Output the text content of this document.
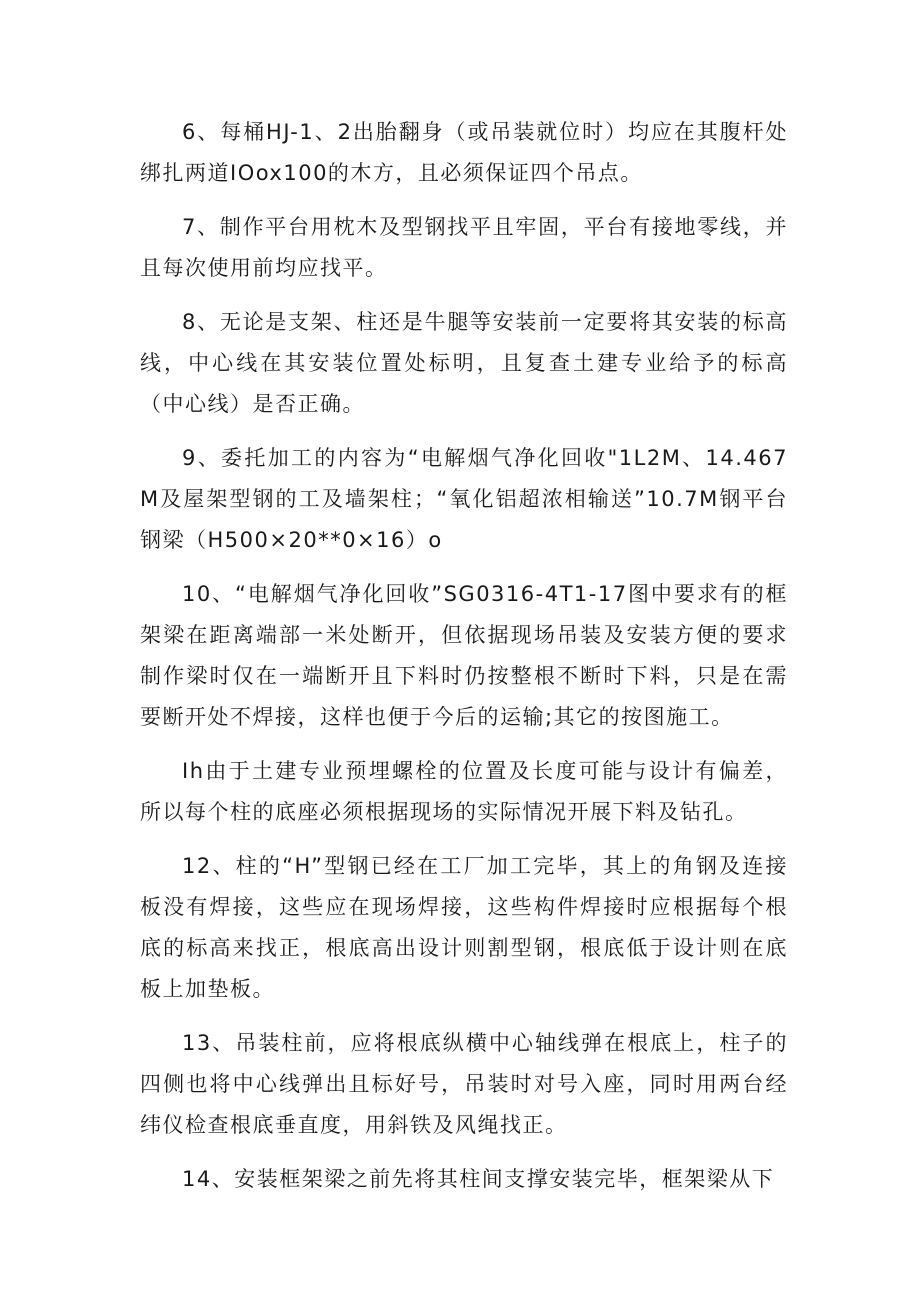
6、每桶HJ-1、2出胎翻身（或吊装就位时）均应在其腹杆处绑扎两道IOox100的木方，且必须保证四个吊点。

7、制作平台用枕木及型钢找平且牢固，平台有接地零线，并且每次使用前均应找平。

8、无论是支架、柱还是牛腿等安装前一定要将其安装的标高线，中心线在其安装位置处标明，且复查土建专业给予的标高（中心线）是否正确。

9、委托加工的内容为“电解烟气净化回收"1L2M、14.467M及屋架型钢的工及墙架柱；“氧化铝超浓相输送”10.7M钢平台钢梁（H500×20**0×16）o

10、“电解烟气净化回收”SG0316-4T1-17图中要求有的框架梁在距离端部一米处断开，但依据现场吊装及安装方便的要求制作梁时仅在一端断开且下料时仍按整根不断时下料，只是在需要断开处不焊接，这样也便于今后的运输;其它的按图施工。

Ih由于土建专业预埋螺栓的位置及长度可能与设计有偏差，所以每个柱的底座必须根据现场的实际情况开展下料及钻孔。

12、柱的“H”型钢已经在工厂加工完毕，其上的角钢及连接板没有焊接，这些应在现场焊接，这些构件焊接时应根据每个根底的标高来找正，根底高出设计则割型钢，根底低于设计则在底板上加垫板。

13、吊装柱前，应将根底纵横中心轴线弹在根底上，柱子的四侧也将中心线弹出且标好号，吊装时对号入座，同时用两台经纬仪检查根底垂直度，用斜铁及风绳找正。

14、安装框架梁之前先将其柱间支撑安装完毕，框架梁从下
